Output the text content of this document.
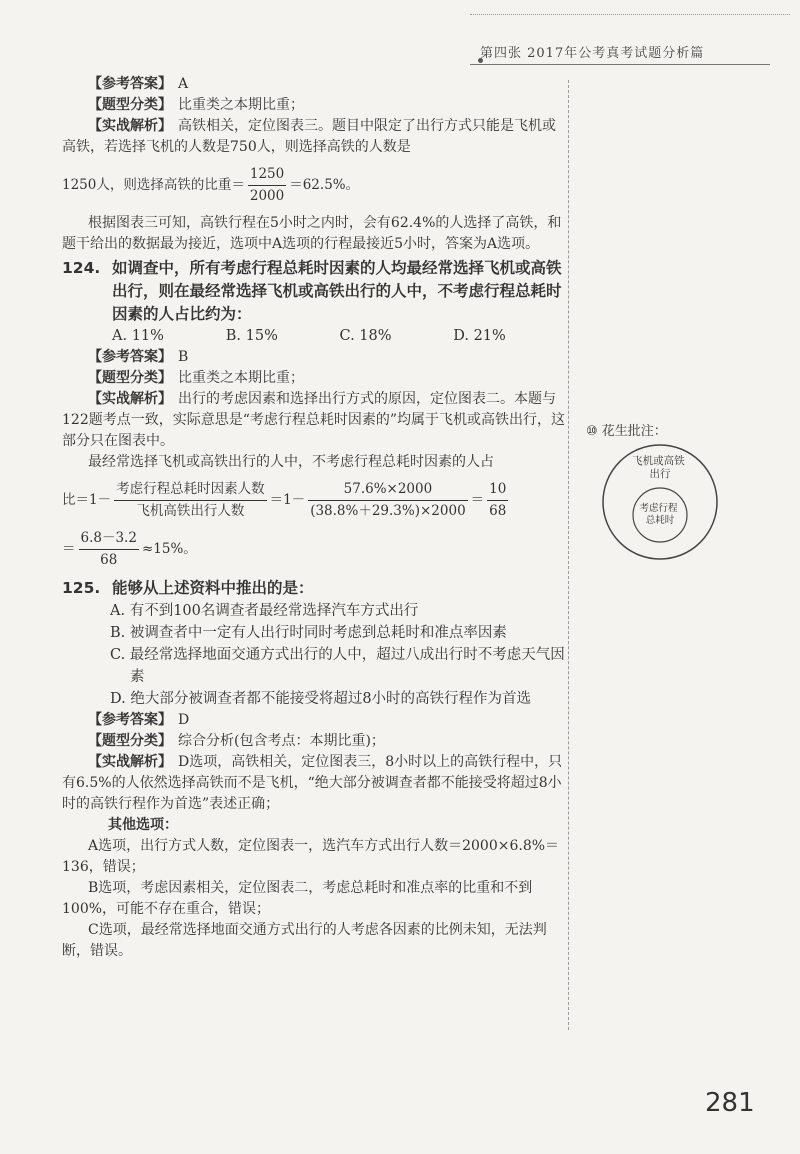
第四张 2017年公考真考试题分析篇

【参考答案】 A

【题型分类】 比重类之本期比重；

【实战解析】 高铁相关，定位图表三。题目中限定了出行方式只能是飞机或高铁，若选择飞机的人数是750人，则选择高铁的人数是

1250人，则选择高铁的比重＝ $\frac{1250}{2000} =62.5\%$。

根据图表三可知，高铁行程在5小时之内时，会有62.4%的人选择了高铁，和题干给出的数据最为接近，选项中A选项的行程最接近5小时，答案为A选项。

124. 如调查中，所有考虑行程总耗时因素的人均最经常选择飞机或高铁出行，则在最经常选择飞机或高铁出行的人中，不考虑行程总耗时因素的人占比约为：

A. 11%	B. 15%	C. 18%	D. 21%

【参考答案】 B

【题型分类】 比重类之本期比重；

【实战解析】 出行的考虑因素和选择出行方式的原因，定位图表二。本题与122题考点一致，实际意思是“考虑行程总耗时因素的”均属于飞机或高铁出行，这部分只在图表中。

最经常选择飞机或高铁出行的人中，不考虑行程总耗时因素的人占

比$=1- \frac{\text{考虑行程总耗时因素人数}}{\text{飞机高铁出行人数}} =1- \frac{57.6\%\times 2000}{(38.8\%+29.3\%)\times 2000} = \frac{10}{68}$

＝ $\frac{6.8-3.2}{68} \approx 15\%$。

125. 能够从上述资料中推出的是：

A. 有不到100名调查者最经常选择汽车方式出行

B. 被调查者中一定有人出行时同时考虑到总耗时和准点率因素

C. 最经常选择地面交通方式出行的人中，超过八成出行时不考虑天气因素

D. 绝大部分被调查者都不能接受将超过8小时的高铁行程作为首选

【参考答案】 D

【题型分类】 综合分析(包含考点：本期比重)；

【实战解析】 D选项，高铁相关，定位图表三，8小时以上的高铁行程中，只有6.5%的人依然选择高铁而不是飞机，“绝大部分被调查者都不能接受将超过8小时的高铁行程作为首选”表述正确；

其他选项：

A选项，出行方式人数，定位图表一，选汽车方式出行人数＝2000×6.8%＝136，错误；

B选项，考虑因素相关，定位图表二，考虑总耗时和准点率的比重和不到100%，可能不存在重合，错误；

C选项，最经常选择地面交通方式出行的人考虑各因素的比例未知，无法判断，错误。

⑩ 花生批注：
飞机或高铁 出行
考虑行程 总耗时
281
